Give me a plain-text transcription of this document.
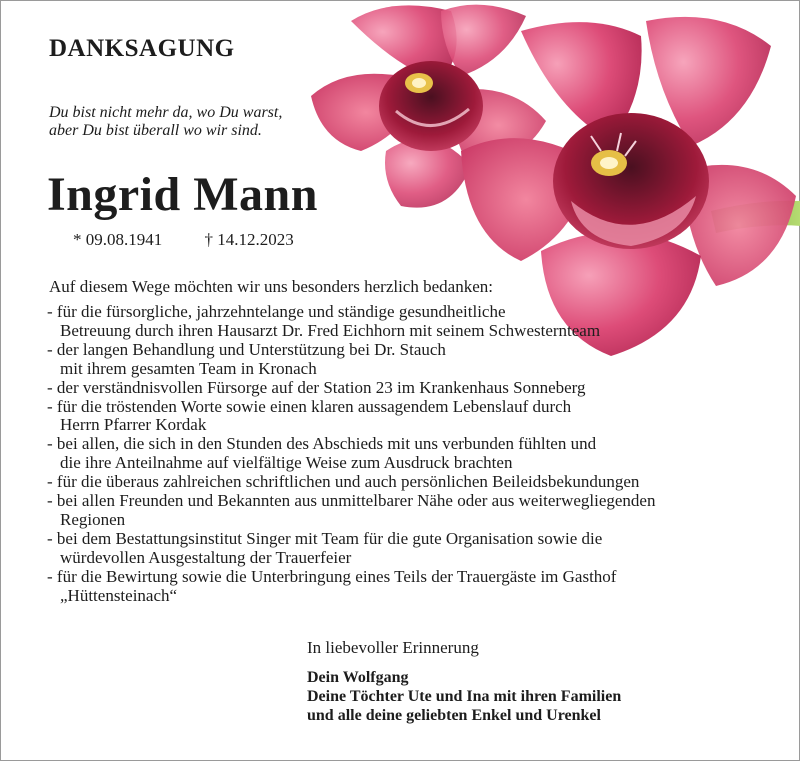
DANKSAGUNG
Du bist nicht mehr da, wo Du warst,
aber Du bist überall wo wir sind.
Ingrid Mann
* 09.08.1941 † 14.12.2023
Auf diesem Wege möchten wir uns besonders herzlich bedanken:
- für die fürsorgliche, jahrzehntelange und ständige gesundheitliche
Betreuung durch ihren Hausarzt Dr. Fred Eichhorn mit seinem Schwesternteam
- der langen Behandlung und Unterstützung bei Dr. Stauch
mit ihrem gesamten Team in Kronach
- der verständnisvollen Fürsorge auf der Station 23 im Krankenhaus Sonneberg
- für die tröstenden Worte sowie einen klaren aussagendem Lebenslauf durch
Herrn Pfarrer Kordak
- bei allen, die sich in den Stunden des Abschieds mit uns verbunden fühlten und
die ihre Anteilnahme auf vielfältige Weise zum Ausdruck brachten
- für die überaus zahlreichen schriftlichen und auch persönlichen Beileidsbekundungen
- bei allen Freunden und Bekannten aus unmittelbarer Nähe oder aus weiterwegliegenden
Regionen
- bei dem Bestattungsinstitut Singer mit Team für die gute Organisation sowie die
würdevollen Ausgestaltung der Trauerfeier
- für die Bewirtung sowie die Unterbringung eines Teils der Trauergäste im Gasthof
„Hüttensteinach“
In liebevoller Erinnerung
Dein Wolfgang
Deine Töchter Ute und Ina mit ihren Familien
und alle deine geliebten Enkel und Urenkel
